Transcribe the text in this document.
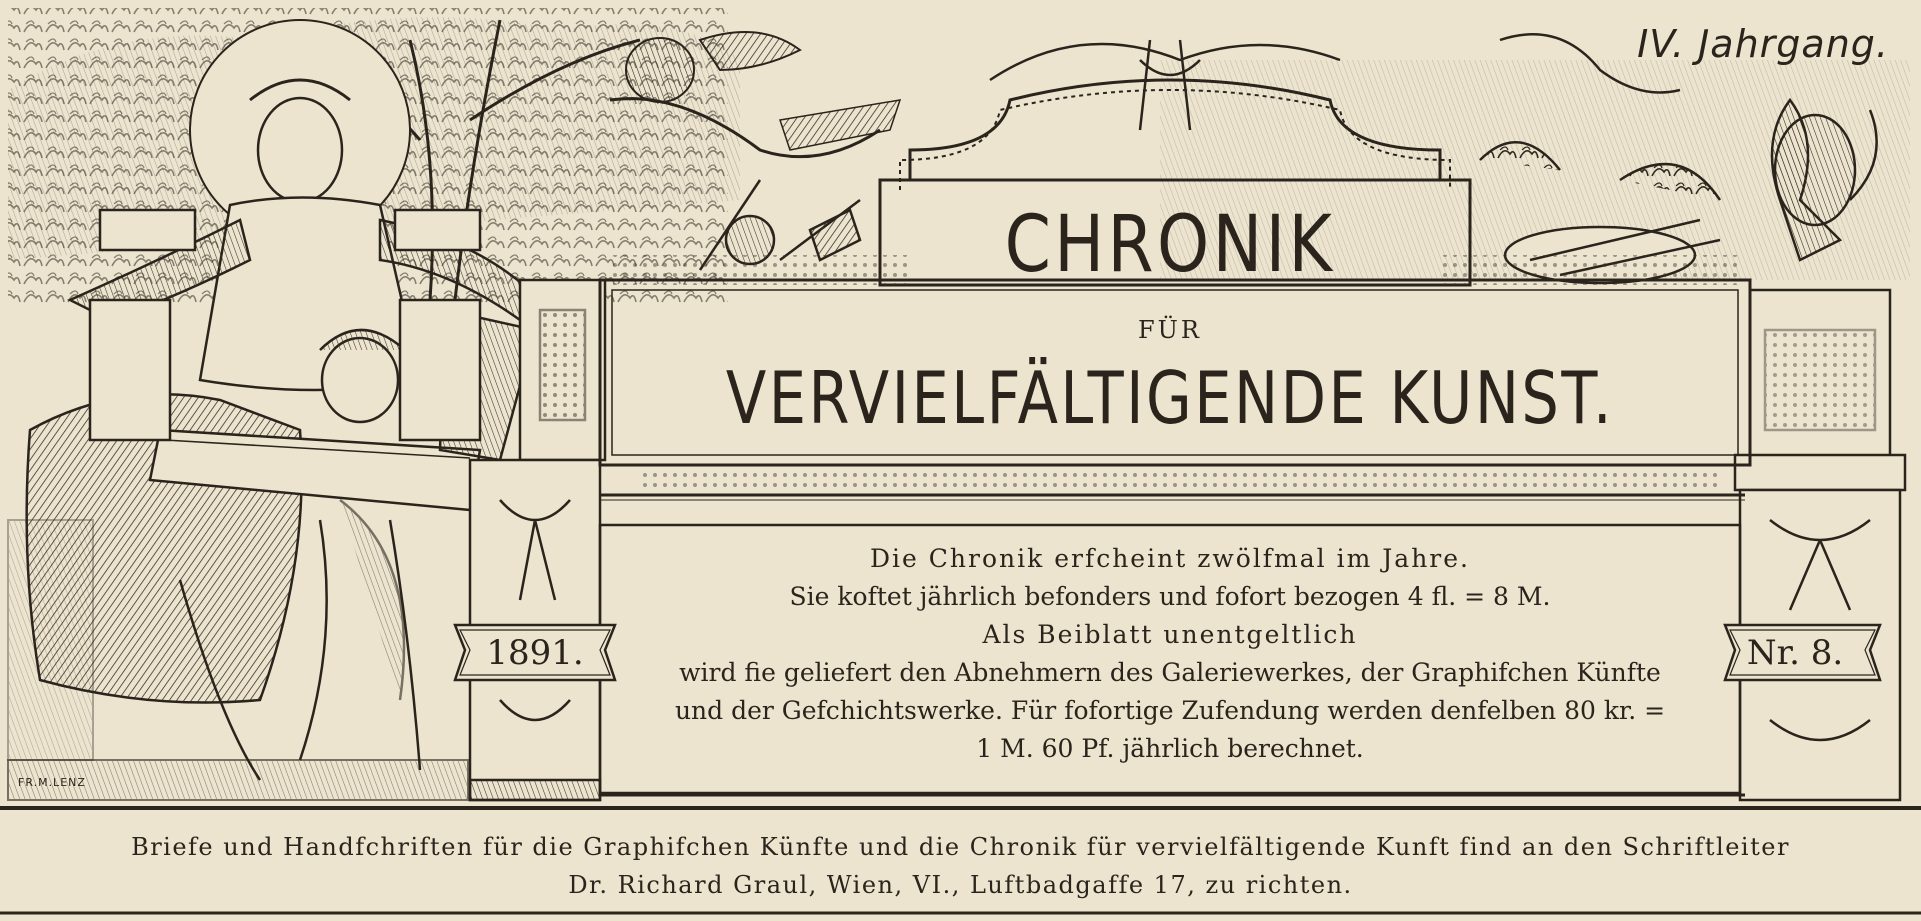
IV. Jahrgang.
CHRONIK
FÜR
VERVIELFÄLTIGENDE KUNST.
1891.	Nr. 8.
Die Chronik erfcheint zwölfmal im Jahre.
Sie koftet jährlich befonders und fofort bezogen 4 fl. = 8 M.
Als Beiblatt unentgeltlich
wird fie geliefert den Abnehmern des Galeriewerkes, der Graphifchen Künfte
und der Gefchichtswerke. Für fofortige Zufendung werden denfelben 80 kr. =
1 M. 60 Pf. jährlich berechnet.
FR.M.LENZ
Briefe und Handfchriften für die Graphifchen Künfte und die Chronik für vervielfältigende Kunft find an den Schriftleiter
Dr. Richard Graul, Wien, VI., Luftbadgaffe 17, zu richten.
